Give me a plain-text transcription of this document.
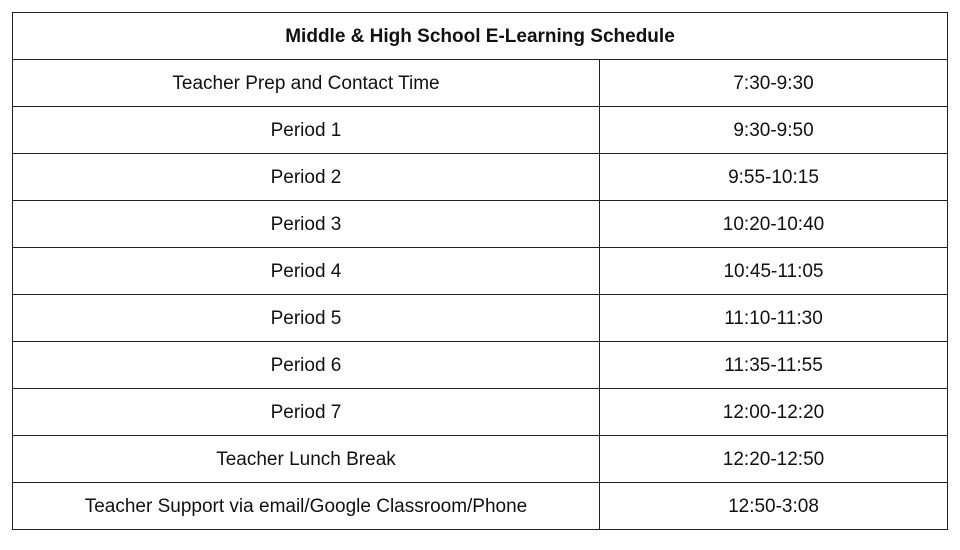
Middle & High School E-Learning Schedule	
Teacher Prep and Contact Time	7:30-9:30
Period 1	9:30-9:50
Period 2	9:55-10:15
Period 3	10:20-10:40
Period 4	10:45-11:05
Period 5	11:10-11:30
Period 6	11:35-11:55
Period 7	12:00-12:20
Teacher Lunch Break	12:20-12:50
Teacher Support via email/Google Classroom/Phone	12:50-3:08
